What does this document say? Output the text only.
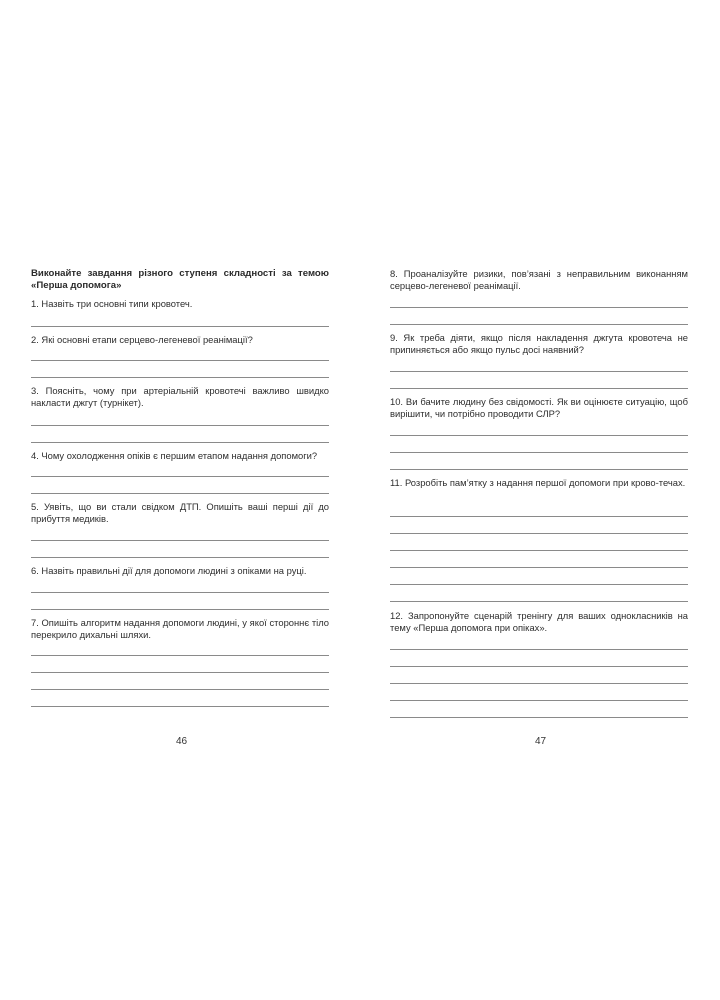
Виконайте завдання різного ступеня складності за темою «Перша допомога»
1. Назвіть три основні типи кровотеч.
2. Які основні етапи серцево-легеневої реанімації?
3. Поясніть, чому при артеріальній кровотечі важливо швидко накласти джгут (турнікет).
4. Чому охолодження опіків є першим етапом надання допомоги?
5. Уявіть, що ви стали свідком ДТП. Опишіть ваші перші дії до прибуття медиків.
6. Назвіть правильні дії для допомоги людині з опіками на руці.
7. Опишіть алгоритм надання допомоги людині, у якої стороннє тіло перекрило дихальні шляхи.
8. Проаналізуйте ризики, пов’язані з неправильним виконанням серцево-легеневої реанімації.
9. Як треба діяти, якщо після накладення джгута кровотеча не припиняється або якщо пульс досі наявний?
10. Ви бачите людину без свідомості. Як ви оцінюєте ситуацію, щоб вирішити, чи потрібно проводити СЛР?
11. Розробіть пам’ятку з надання першої допомоги при крово-течах.
12. Запропонуйте сценарій тренінгу для ваших однокласників на тему «Перша допомога при опіках».
46	47
